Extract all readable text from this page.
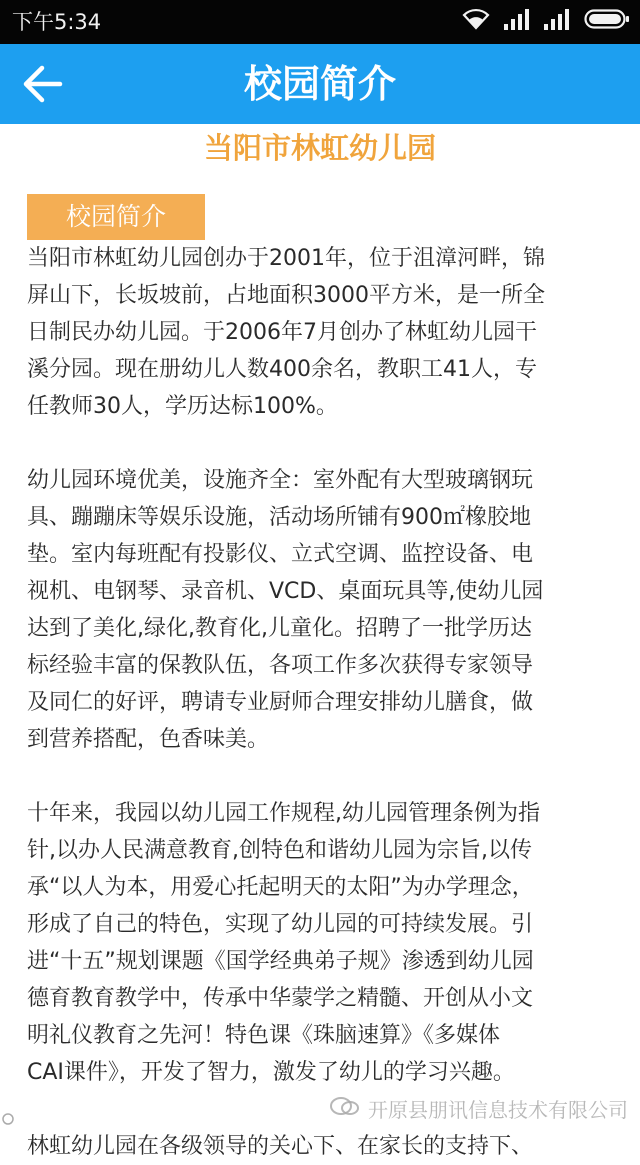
下午5:34
校园简介
当阳市林虹幼儿园
校园简介

当阳市林虹幼儿园创办于2001年，位于沮漳河畔，锦

屏山下，长坂坡前，占地面积3000平方米，是一所全

日制民办幼儿园。于2006年7月创办了林虹幼儿园干

溪分园。现在册幼儿人数400余名，教职工41人，专

任教师30人，学历达标100%。

幼儿园环境优美，设施齐全：室外配有大型玻璃钢玩

具、蹦蹦床等娱乐设施，活动场所铺有900㎡橡胶地

垫。室内每班配有投影仪、立式空调、监控设备、电

视机、电钢琴、录音机、VCD、桌面玩具等,使幼儿园

达到了美化,绿化,教育化,儿童化。招聘了一批学历达

标经验丰富的保教队伍，各项工作多次获得专家领导

及同仁的好评，聘请专业厨师合理安排幼儿膳食，做

到营养搭配，色香味美。

十年来，我园以幼儿园工作规程,幼儿园管理条例为指

针,以办人民满意教育,创特色和谐幼儿园为宗旨,以传

承“以人为本，用爱心托起明天的太阳”为办学理念，

形成了自己的特色，实现了幼儿园的可持续发展。引

进“十五”规划课题《国学经典弟子规》渗透到幼儿园

德育教育教学中，传承中华蒙学之精髓、开创从小文

明礼仪教育之先河！特色课《珠脑速算》《多媒体

CAI课件》，开发了智力，激发了幼儿的学习兴趣。

林虹幼儿园在各级领导的关心下、在家长的支持下、

开原县朋讯信息技术有限公司
